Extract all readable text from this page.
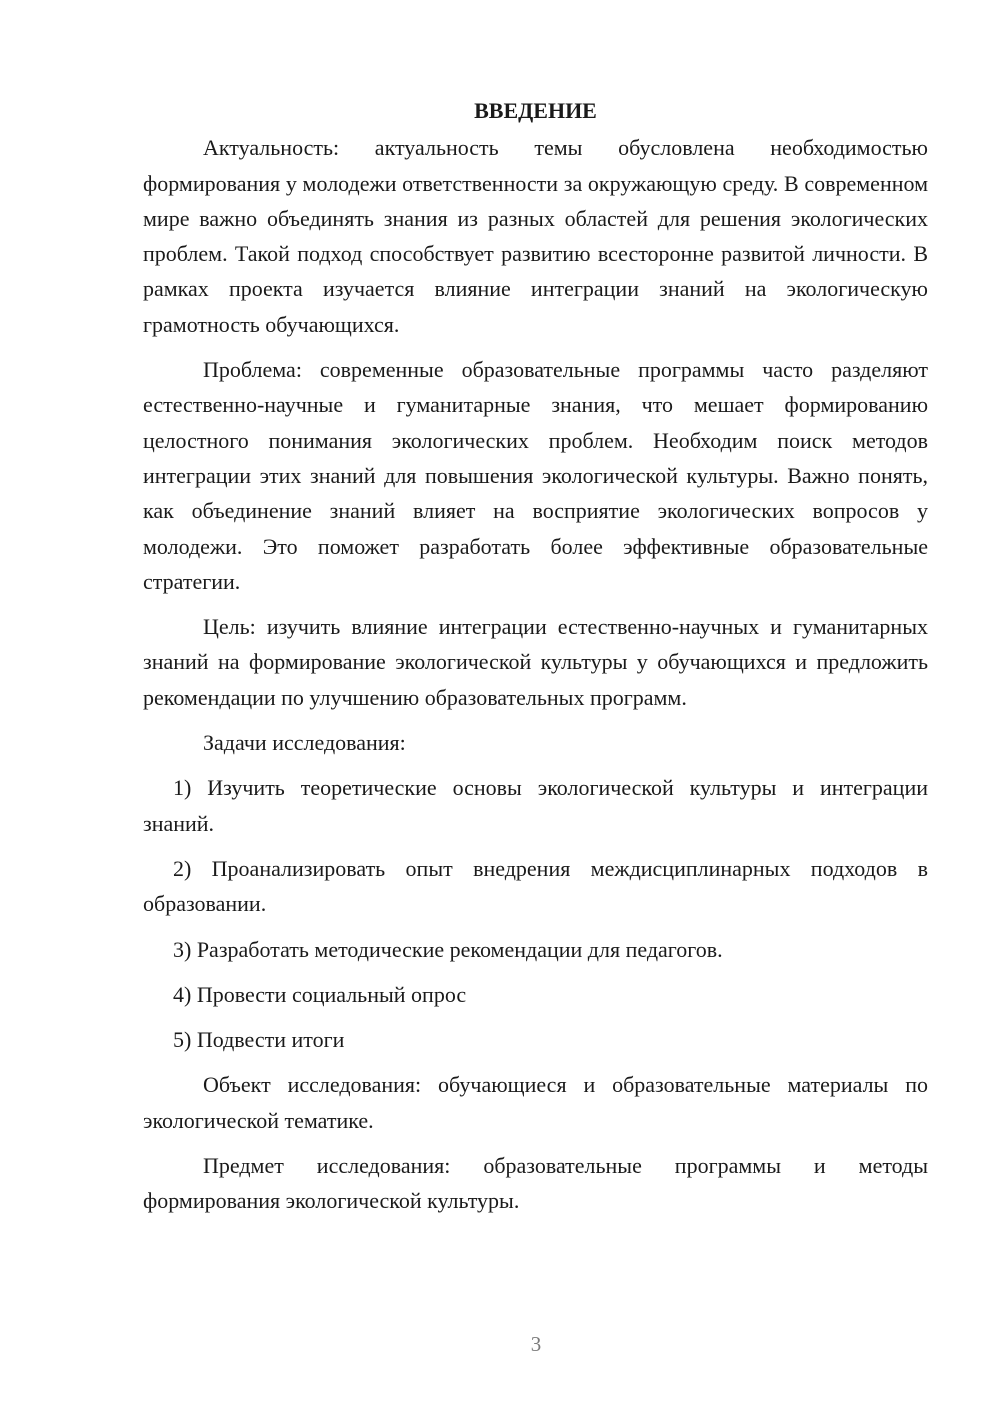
ВВЕДЕНИЕ

Актуальность: актуальность темы обусловлена необходимостью формирования у молодежи ответственности за окружающую среду. В современном мире важно объединять знания из разных областей для решения экологических проблем. Такой подход способствует развитию всесторонне развитой личности. В рамках проекта изучается влияние интеграции знаний на экологическую грамотность обучающихся.

Проблема: современные образовательные программы часто разделяют естественно-научные и гуманитарные знания, что мешает формированию целостного понимания экологических проблем. Необходим поиск методов интеграции этих знаний для повышения экологической культуры. Важно понять, как объединение знаний влияет на восприятие экологических вопросов у молодежи. Это поможет разработать более эффективные образовательные стратегии.

Цель: изучить влияние интеграции естественно-научных и гуманитарных знаний на формирование экологической культуры у обучающихся и предложить рекомендации по улучшению образовательных программ.

Задачи исследования:

1) Изучить теоретические основы экологической культуры и интеграции знаний.

2) Проанализировать опыт внедрения междисциплинарных подходов в образовании.

3) Разработать методические рекомендации для педагогов.

4) Провести социальный опрос

5) Подвести итоги

Объект исследования: обучающиеся и образовательные материалы по экологической тематике.

Предмет исследования: образовательные программы и методы формирования экологической культуры.

3
